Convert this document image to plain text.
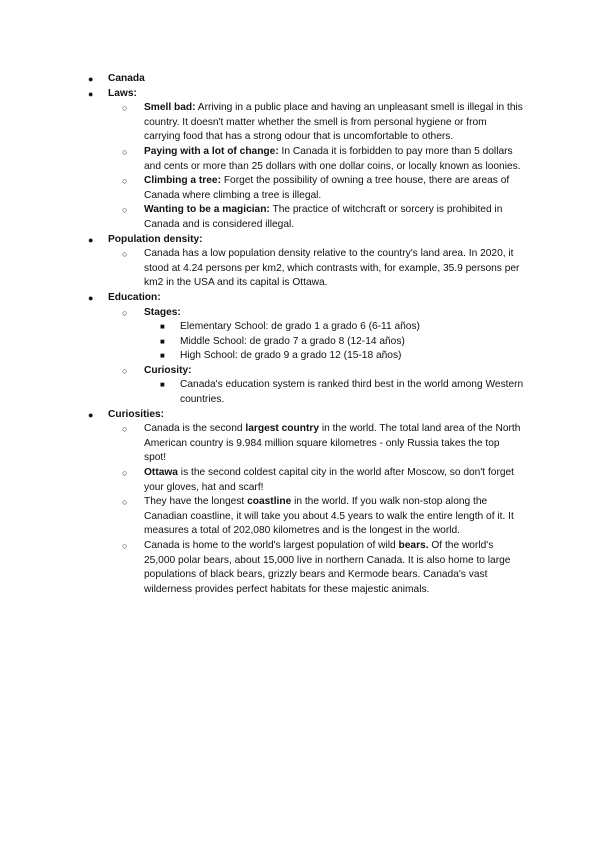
● Canada
● Laws:
○ Smell bad: Arriving in a public place and having an unpleasant smell is illegal in this country. It doesn't matter whether the smell is from personal hygiene or from carrying food that has a strong odour that is uncomfortable to others.
○ Paying with a lot of change: In Canada it is forbidden to pay more than 5 dollars and cents or more than 25 dollars with one dollar coins, or locally known as loonies.
○ Climbing a tree: Forget the possibility of owning a tree house, there are areas of Canada where climbing a tree is illegal.
○ Wanting to be a magician: The practice of witchcraft or sorcery is prohibited in Canada and is considered illegal.
● Population density:
○ Canada has a low population density relative to the country's land area. In 2020, it stood at 4.24 persons per km2, which contrasts with, for example, 35.9 persons per km2 in the USA and its capital is Ottawa.
● Education:
○ Stages:
■ Elementary School: de grado 1 a grado 6 (6-11 años)
■ Middle School: de grado 7 a grado 8 (12-14 años)
■ High School: de grado 9 a grado 12 (15-18 años)
○ Curiosity:
■ Canada's education system is ranked third best in the world among Western countries.
● Curiosities:
○ Canada is the second largest country in the world. The total land area of the North American country is 9.984 million square kilometres - only Russia takes the top spot!
○ Ottawa is the second coldest capital city in the world after Moscow, so don't forget your gloves, hat and scarf!
○ They have the longest coastline in the world. If you walk non-stop along the Canadian coastline, it will take you about 4.5 years to walk the entire length of it. It measures a total of 202,080 kilometres and is the longest in the world.
○ Canada is home to the world's largest population of wild bears. Of the world's 25,000 polar bears, about 15,000 live in northern Canada. It is also home to large populations of black bears, grizzly bears and Kermode bears. Canada's vast wilderness provides perfect habitats for these majestic animals.
